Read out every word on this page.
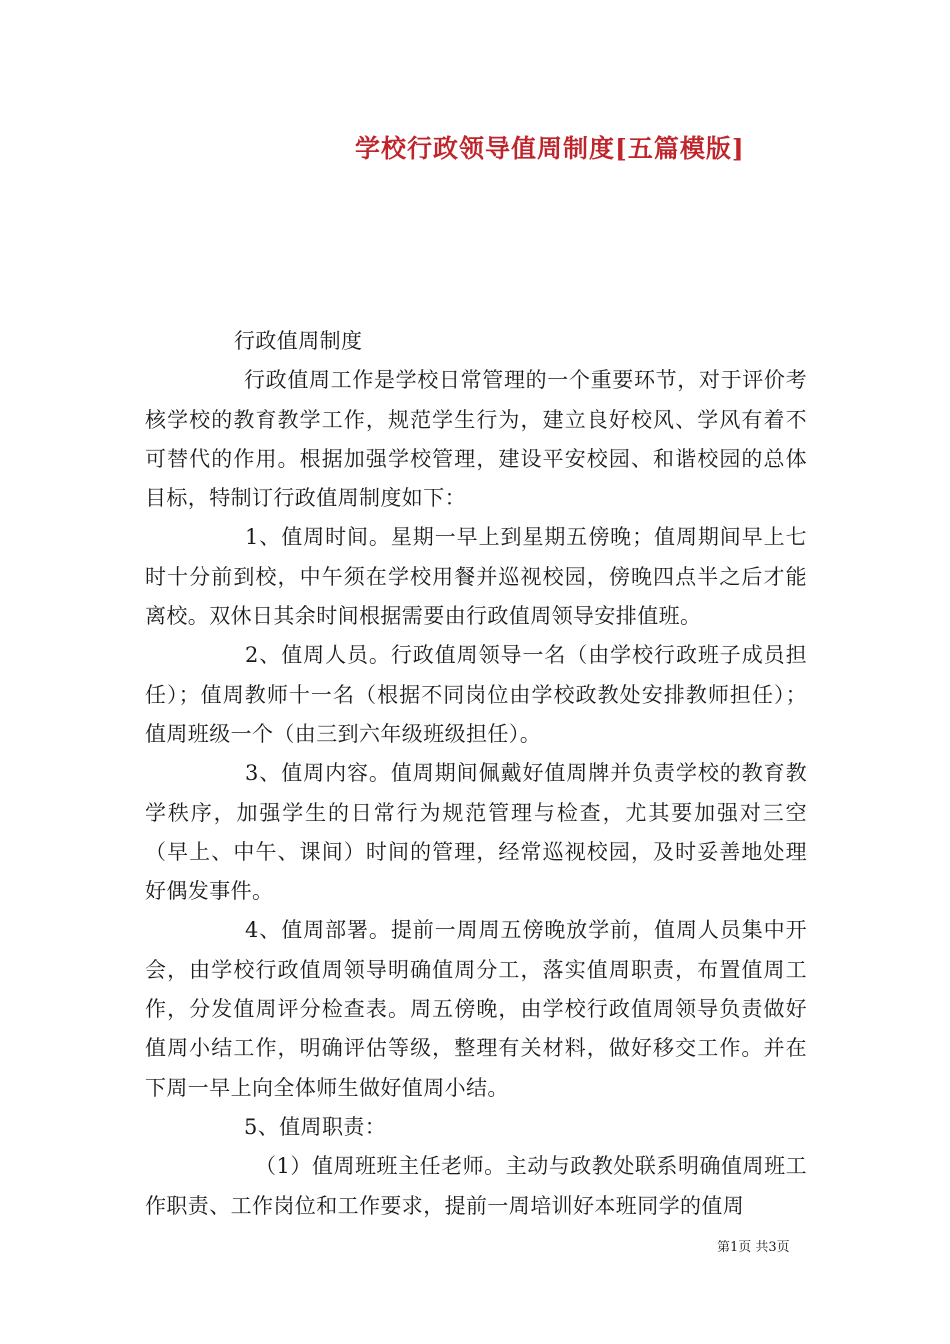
学校行政领导值周制度[五篇模版]

行政值周制度

行政值周工作是学校日常管理的一个重要环节，对于评价考核学校的教育教学工作，规范学生行为，建立良好校风、学风有着不可替代的作用。根据加强学校管理，建设平安校园、和谐校园的总体目标，特制订行政值周制度如下：

1、值周时间。星期一早上到星期五傍晚；值周期间早上七时十分前到校，中午须在学校用餐并巡视校园，傍晚四点半之后才能离校。双休日其余时间根据需要由行政值周领导安排值班。

2、值周人员。行政值周领导一名（由学校行政班子成员担任）；值周教师十一名（根据不同岗位由学校政教处安排教师担任）；值周班级一个（由三到六年级班级担任）。

3、值周内容。值周期间佩戴好值周牌并负责学校的教育教学秩序，加强学生的日常行为规范管理与检查，尤其要加强对三空（早上、中午、课间）时间的管理，经常巡视校园，及时妥善地处理好偶发事件。

4、值周部署。提前一周周五傍晚放学前，值周人员集中开会，由学校行政值周领导明确值周分工，落实值周职责，布置值周工作，分发值周评分检查表。周五傍晚，由学校行政值周领导负责做好值周小结工作，明确评估等级，整理有关材料，做好移交工作。并在下周一早上向全体师生做好值周小结。

5、值周职责：

（1）值周班班主任老师。主动与政教处联系明确值周班工作职责、工作岗位和工作要求，提前一周培训好本班同学的值周

第1页 共3页
